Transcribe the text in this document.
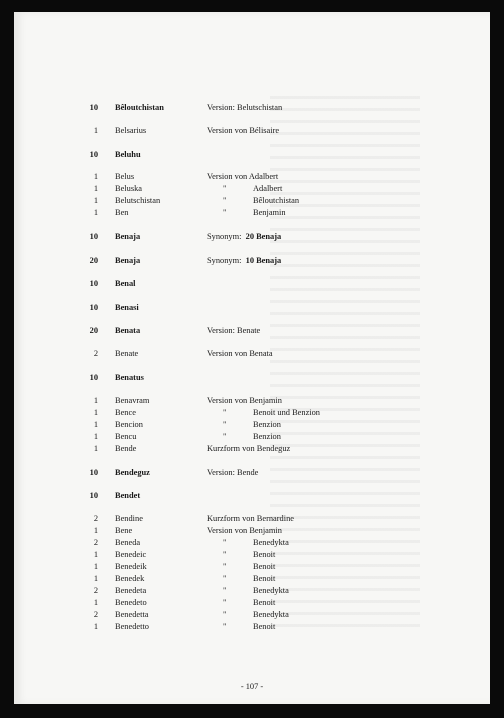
10 Bêloutchistan	Version: Belutschistan
1 Belsarius	Version von Bélisaire
10 Beluhu
1 Belus	Version von Adalbert
1 Beluska	"	Adalbert
1 Belutschistan	"	Bêloutchistan
1 Ben	"	Benjamin
10 Benaja	Synonym:  20 Benaja
20 Benaja	Synonym:  10 Benaja
10 Benal
10 Benasi
20 Benata	Version: Benate
2 Benate	Version von Benata
10 Benatus
1 Benavram	Version von Benjamin
1 Bence	"	Benoit und Benzion
1 Bencion	"	Benzion
1 Bencu	"	Benzion
1 Bende	Kurzform von Bendeguz
10 Bendeguz	Version: Bende
10 Bendet
2 Bendine	Kurzform von Bernardine
1 Bene	Version von Benjamin
2 Beneda	"	Benedykta
1 Benedeic	"	Benoit
1 Benedeik	"	Benoit
1 Benedek	"	Benoit
2 Benedeta	"	Benedykta
1 Benedeto	"	Benoit
2 Benedetta	"	Benedykta
1 Benedetto	"	Benoit
- 107 -
